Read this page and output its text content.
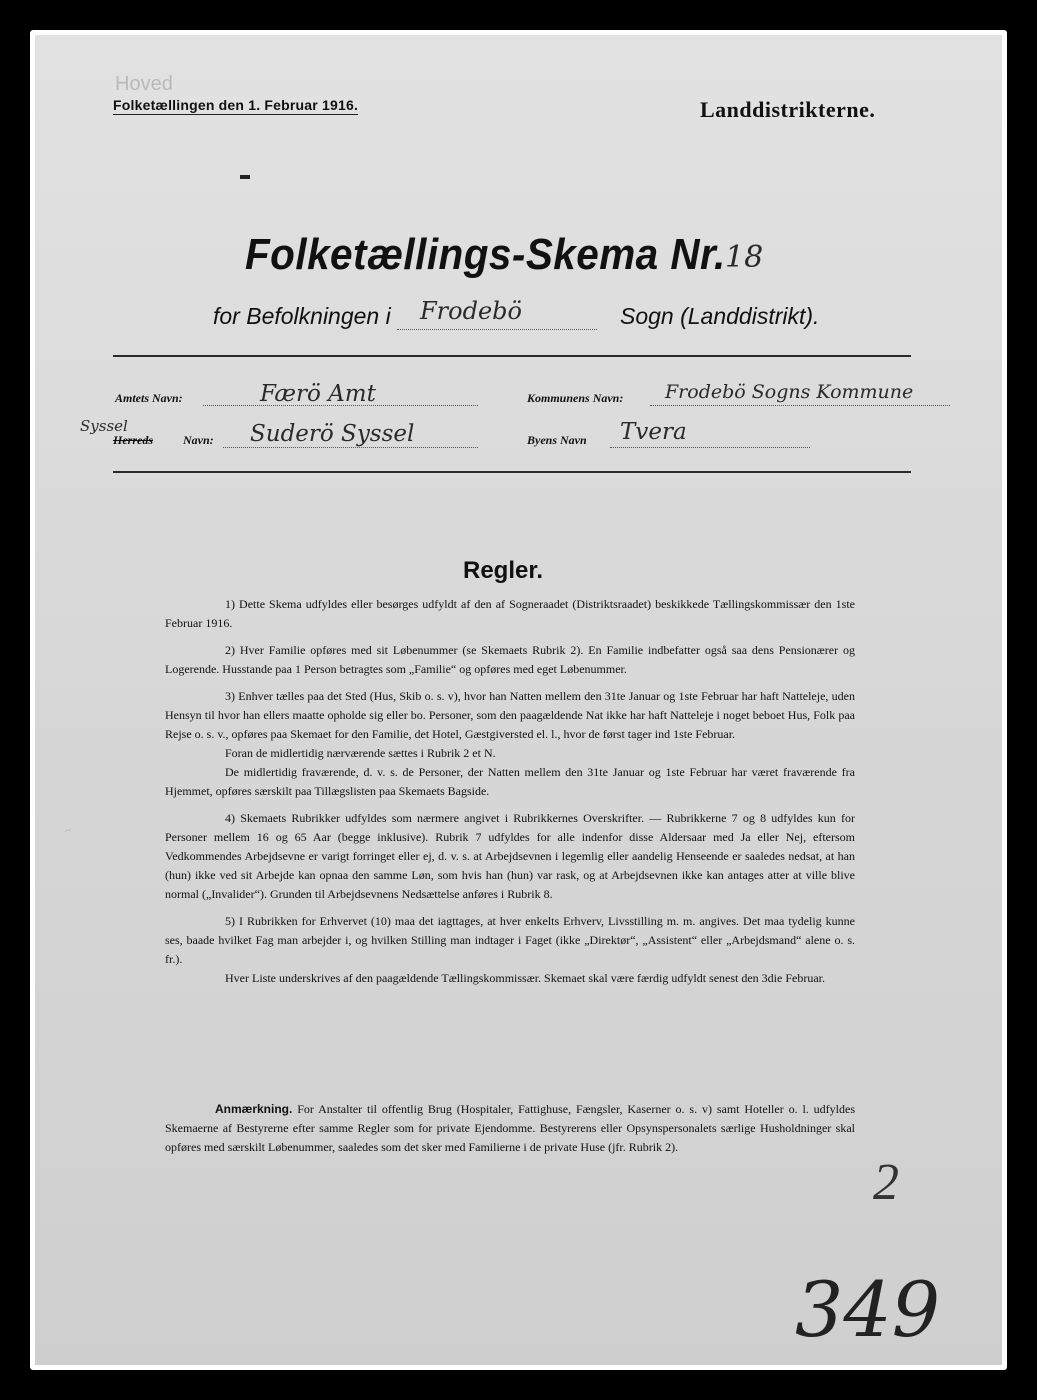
Hoved
Folketællingen den 1. Februar 1916.	Landdistrikterne.
Folketællings-Skema Nr. 18
for Befolkningen i Frodebö	Sogn (Landdistrikt).
Amtets Navn:	Færö Amt	Kommunens Navn: Frodebö Sogns Kommune
Syssel
Herreds	Navn: Suderö Syssel	Byens Navn Tvera
~
Regler.

1) Dette Skema udfyldes eller besørges udfyldt af den af Sogneraadet (Distriktsraadet) beskikkede Tællingskommissær den 1ste Februar 1916.

2) Hver Familie opføres med sit Løbenummer (se Skemaets Rubrik 2). En Familie indbefatter også saa dens Pensionærer og Logerende. Husstande paa 1 Person betragtes som „Familie“ og opføres med eget Løbenummer.

3) Enhver tælles paa det Sted (Hus, Skib o. s. v), hvor han Natten mellem den 31te Januar og 1ste Februar har haft Natteleje, uden Hensyn til hvor han ellers maatte opholde sig eller bo. Personer, som den paagældende Nat ikke har haft Natteleje i noget beboet Hus, Folk paa Rejse o. s. v., opføres paa Skemaet for den Familie, det Hotel, Gæstgiversted el. l., hvor de først tager ind 1ste Februar.

Foran de midlertidig nærværende sættes i Rubrik 2 et N.

De midlertidig fraværende, d. v. s. de Personer, der Natten mellem den 31te Januar og 1ste Februar har været fraværende fra Hjemmet, opføres særskilt paa Tillægslisten paa Skemaets Bagside.

4) Skemaets Rubrikker udfyldes som nærmere angivet i Rubrikkernes Overskrifter. — Rubrikkerne 7 og 8 udfyldes kun for Personer mellem 16 og 65 Aar (begge inklusive). Rubrik 7 udfyldes for alle indenfor disse Aldersaar med Ja eller Nej, eftersom Vedkommendes Arbejdsevne er varigt forringet eller ej, d. v. s. at Arbejdsevnen i legemlig eller aandelig Henseende er saaledes nedsat, at han (hun) ikke ved sit Arbejde kan opnaa den samme Løn, som hvis han (hun) var rask, og at Arbejdsevnen ikke kan antages atter at ville blive normal („Invalider“). Grunden til Arbejdsevnens Nedsættelse anføres i Rubrik 8.

5) I Rubrikken for Erhvervet (10) maa det iagttages, at hver enkelts Erhverv, Livsstilling m. m. angives. Det maa tydelig kunne ses, baade hvilket Fag man arbejder i, og hvilken Stilling man indtager i Faget (ikke „Direktør“, „Assistent“ eller „Arbejdsmand“ alene o. s. fr.).

Hver Liste underskrives af den paagældende Tællingskommissær. Skemaet skal være færdig udfyldt senest den 3die Februar.

Anmærkning. For Anstalter til offentlig Brug (Hospitaler, Fattighuse, Fængsler, Kaserner o. s. v) samt Hoteller o. l. udfyldes Skemaerne af Bestyrerne efter samme Regler som for private Ejendomme. Bestyrerens eller Opsynspersonalets særlige Husholdninger skal opføres med særskilt Løbenummer, saaledes som det sker med Familierne i de private Huse (jfr. Rubrik 2).
2
349
